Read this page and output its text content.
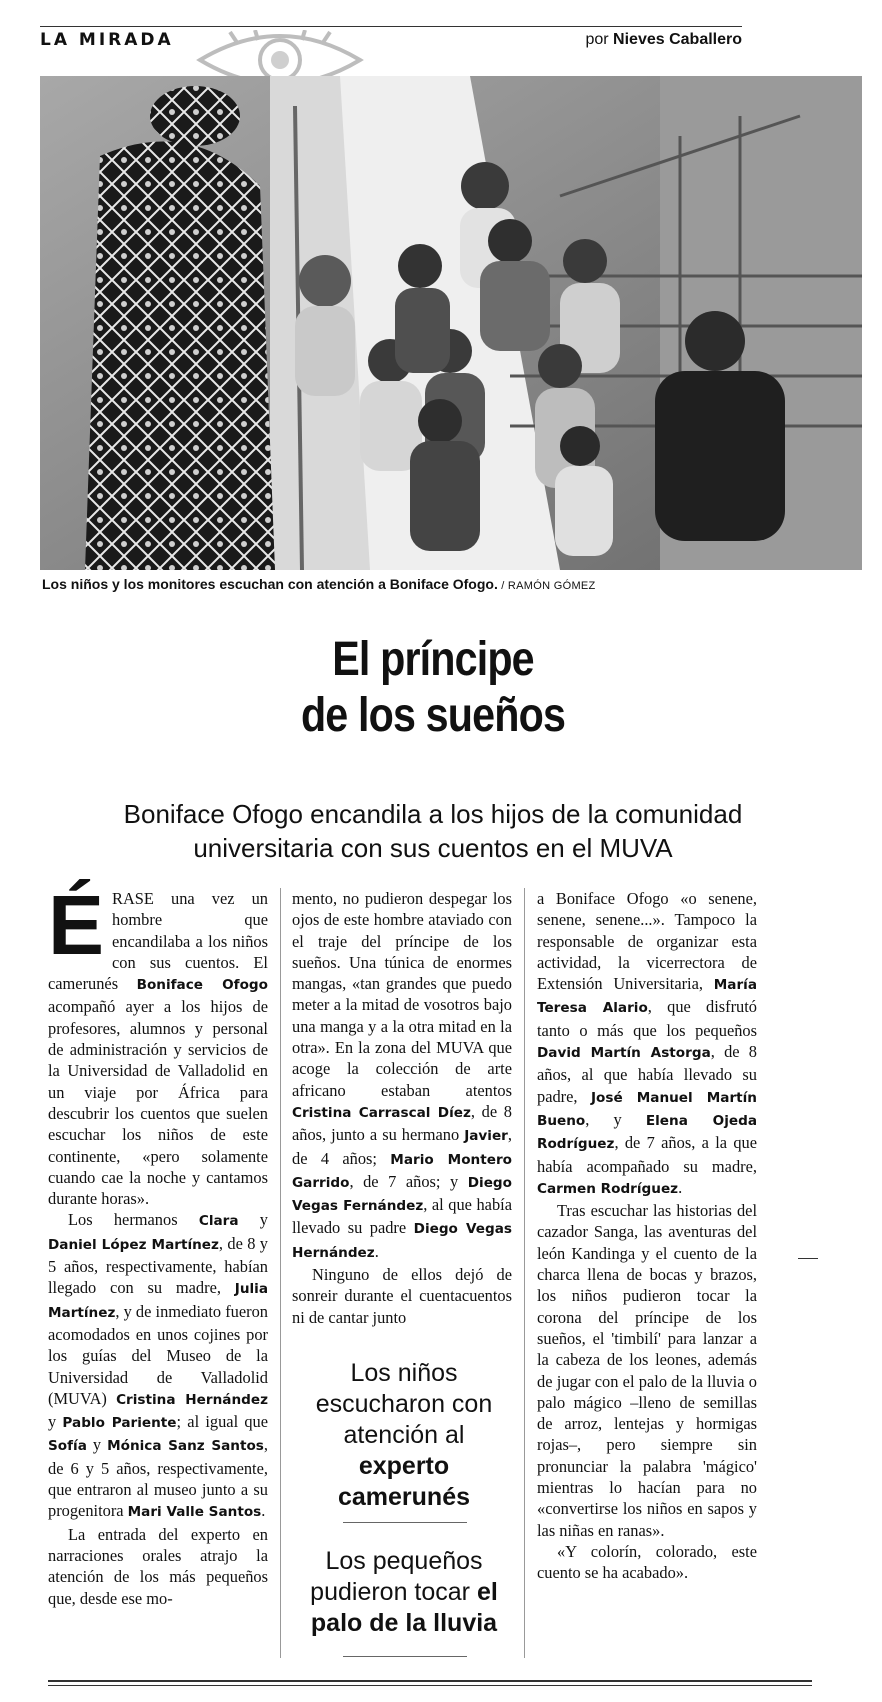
LA MIRADA	por Nieves Caballero
Los niños y los monitores escuchan con atención a Boniface Ofogo. / RAMÓN GÓMEZ
El príncipe
de los sueños
Boniface Ofogo encandila a los hijos de la comunidad
universitaria con sus cuentos en el MUVA

ÉRASE una vez un hombre que encandilaba a los niños con sus cuentos. El camerunés Boniface Ofogo acompañó ayer a los hijos de profesores, alumnos y personal de administración y servicios de la Universidad de Valladolid en un viaje por África para descubrir los cuentos que suelen escuchar los niños de este continente, «pero solamente cuando cae la noche y cantamos durante horas».

Los hermanos Clara y Daniel López Martínez, de 8 y 5 años, respectivamente, habían llegado con su madre, Julia Martínez, y de inmediato fueron acomodados en unos cojines por los guías del Museo de la Universidad de Valladolid (MUVA) Cristina Hernández y Pablo Pariente; al igual que Sofía y Mónica Sanz Santos, de 6 y 5 años, respectivamente, que entraron al museo junto a su progenitora Mari Valle Santos.

La entrada del experto en narraciones orales atrajo la atención de los más pequeños que, desde ese mo-

mento, no pudieron despegar los ojos de este hombre ataviado con el traje del príncipe de los sueños. Una túnica de enormes mangas, «tan grandes que puedo meter a la mitad de vosotros bajo una manga y a la otra mitad en la otra». En la zona del MUVA que acoge la colección de arte africano estaban atentos Cristina Carrascal Díez, de 8 años, junto a su hermano Javier, de 4 años; Mario Montero Garrido, de 7 años; y Diego Vegas Fernández, al que había llevado su padre Diego Vegas Hernández.

Ninguno de ellos dejó de sonreir durante el cuentacuentos ni de cantar junto

Los niños
escucharon con
atención al
experto
camerunés
Los pequeños
pudieron tocar el
palo de la lluvia

a Boniface Ofogo «o senene, senene, senene...». Tampoco la responsable de organizar esta actividad, la vicerrectora de Extensión Universitaria, María Teresa Alario, que disfrutó tanto o más que los pequeños David Martín Astorga, de 8 años, al que había llevado su padre, José Manuel Martín Bueno, y Elena Ojeda Rodríguez, de 7 años, a la que había acompañado su madre, Carmen Rodríguez.

Tras escuchar las historias del cazador Sanga, las aventuras del león Kandinga y el cuento de la charca llena de bocas y brazos, los niños pudieron tocar la corona del príncipe de los sueños, el 'timbilí' para lanzar a la cabeza de los leones, además de jugar con el palo de la lluvia o palo mágico –lleno de semillas de arroz, lentejas y hormigas rojas–, pero siempre sin pronunciar la palabra 'mágico' mientras lo hacían para no «convertirse los niños en sapos y las niñas en ranas».

«Y colorín, colorado, este cuento se ha acabado».
